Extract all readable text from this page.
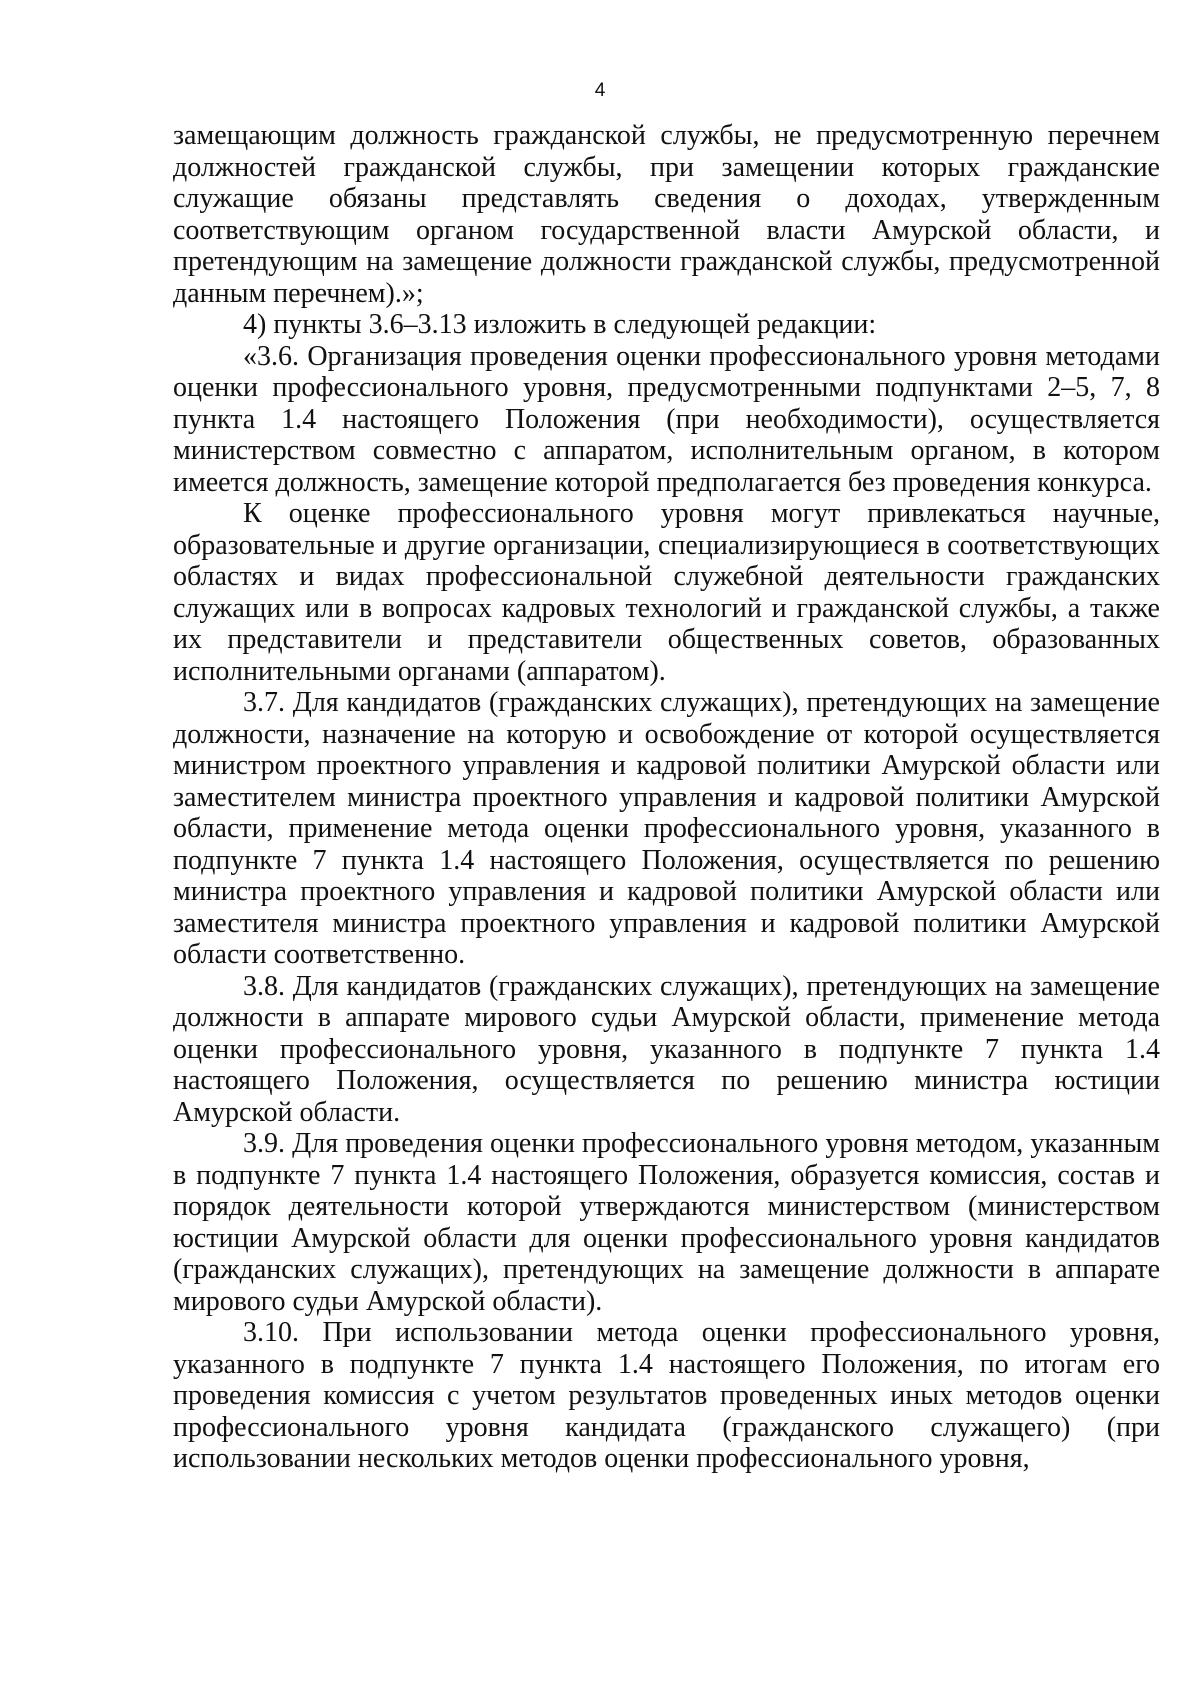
4

замещающим должность гражданской службы, не предусмотренную перечнем должностей гражданской службы, при замещении которых гражданские служащие обязаны представлять сведения о доходах, утвержденным соответствующим органом государственной власти Амурской области, и претендующим на замещение должности гражданской службы, предусмотренной данным перечнем).»;

4) пункты 3.6–3.13 изложить в следующей редакции:

«3.6. Организация проведения оценки профессионального уровня методами оценки профессионального уровня, предусмотренными подпунктами 2–5, 7, 8 пункта 1.4 настоящего Положения (при необходимости), осуществляется министерством совместно с аппаратом, исполнительным органом, в котором имеется должность, замещение которой предполагается без проведения конкурса.

К оценке профессионального уровня могут привлекаться научные, образовательные и другие организации, специализирующиеся в соответствующих областях и видах профессиональной служебной деятельности гражданских служащих или в вопросах кадровых технологий и гражданской службы, а также их представители и представители общественных советов, образованных исполнительными органами (аппаратом).

3.7. Для кандидатов (гражданских служащих), претендующих на замещение должности, назначение на которую и освобождение от которой осуществляется министром проектного управления и кадровой политики Амурской области или заместителем министра проектного управления и кадровой политики Амурской области, применение метода оценки профессионального уровня, указанного в подпункте 7 пункта 1.4 настоящего Положения, осуществляется по решению министра проектного управления и кадровой политики Амурской области или заместителя министра проектного управления и кадровой политики Амурской области соответственно.

3.8. Для кандидатов (гражданских служащих), претендующих на замещение должности в аппарате мирового судьи Амурской области, применение метода оценки профессионального уровня, указанного в подпункте 7 пункта 1.4 настоящего Положения, осуществляется по решению министра юстиции Амурской области.

3.9. Для проведения оценки профессионального уровня методом, указанным в подпункте 7 пункта 1.4 настоящего Положения, образуется комиссия, состав и порядок деятельности которой утверждаются министерством (министерством юстиции Амурской области для оценки профессионального уровня кандидатов (гражданских служащих), претендующих на замещение должности в аппарате мирового судьи Амурской области).

3.10. При использовании метода оценки профессионального уровня, указанного в подпункте 7 пункта 1.4 настоящего Положения, по итогам его проведения комиссия с учетом результатов проведенных иных методов оценки профессионального уровня кандидата (гражданского служащего) (при использовании нескольких методов оценки профессионального уровня,
